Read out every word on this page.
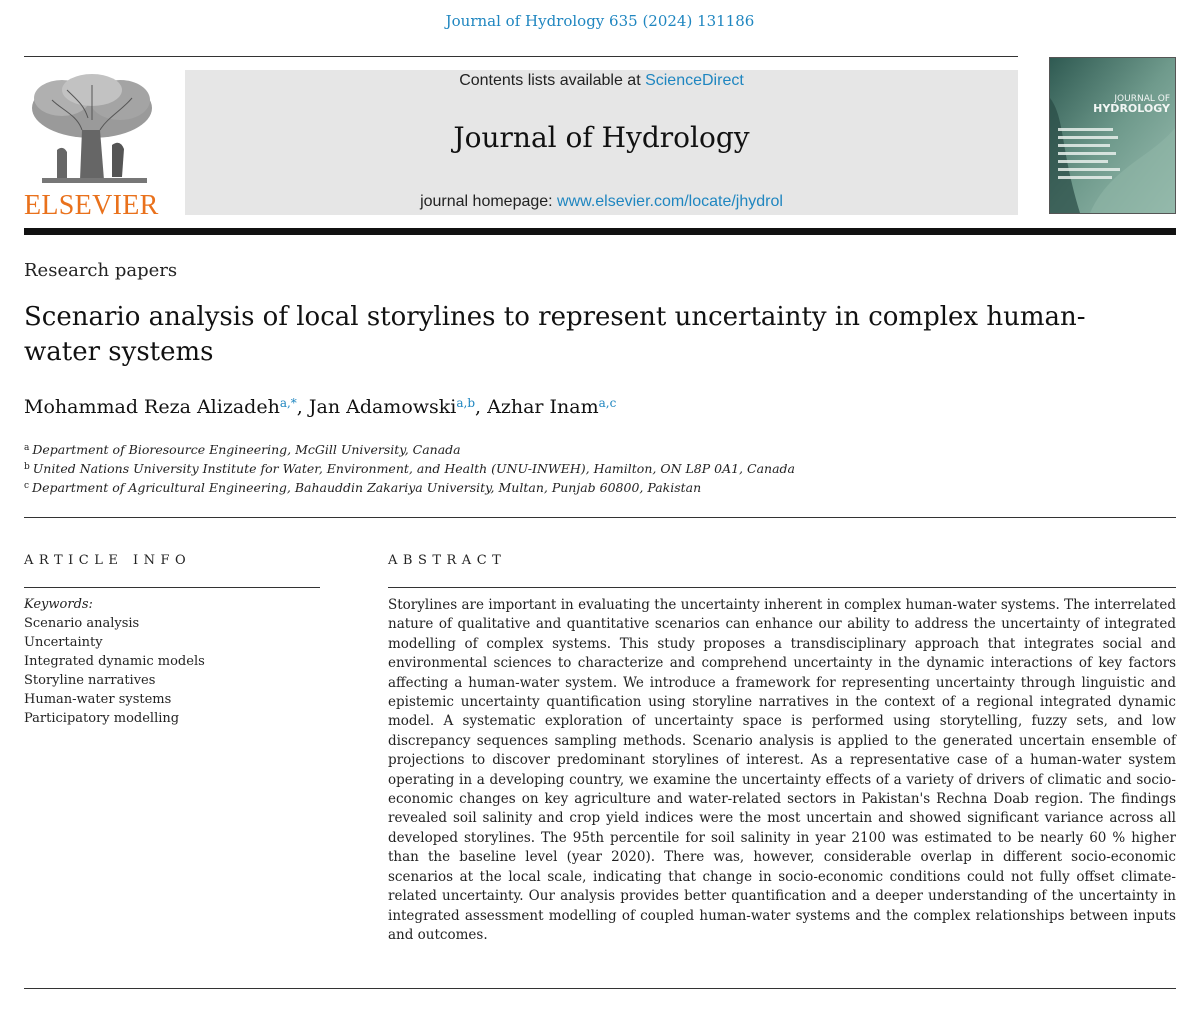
Journal of Hydrology 635 (2024) 131186
ELSEVIER
Contents lists available at ScienceDirect
Journal of Hydrology
journal homepage: www.elsevier.com/locate/jhydrol
JOURNAL OF
HYDROLOGY
Research papers
Scenario analysis of local storylines to represent uncertainty in complex human-water systems
Mohammad Reza Alizadeh$^{a,*}$, Jan Adamowski$^{a,b}$, Azhar Inam$^{a,c}$
$^a$ Department of Bioresource Engineering, McGill University, Canada
$^b$ United Nations University Institute for Water, Environment, and Health (UNU-INWEH), Hamilton, ON L8P 0A1, Canada
$^c$ Department of Agricultural Engineering, Bahauddin Zakariya University, Multan, Punjab 60800, Pakistan
ARTICLE INFO	ABSTRACT
Keywords:
Scenario analysis
Uncertainty
Integrated dynamic models
Storyline narratives
Human-water systems
Participatory modelling
Storylines are important in evaluating the uncertainty inherent in complex human-water systems. The interrelated nature of qualitative and quantitative scenarios can enhance our ability to address the uncertainty of integrated modelling of complex systems. This study proposes a transdisciplinary approach that integrates social and environmental sciences to characterize and comprehend uncertainty in the dynamic interactions of key factors affecting a human-water system. We introduce a framework for representing uncertainty through linguistic and epistemic uncertainty quantification using storyline narratives in the context of a regional integrated dynamic model. A systematic exploration of uncertainty space is performed using storytelling, fuzzy sets, and low discrepancy sequences sampling methods. Scenario analysis is applied to the generated uncertain ensemble of projections to discover predominant storylines of interest. As a representative case of a human-water system operating in a developing country, we examine the uncertainty effects of a variety of drivers of climatic and socio-economic changes on key agriculture and water-related sectors in Pakistan's Rechna Doab region. The findings revealed soil salinity and crop yield indices were the most uncertain and showed significant variance across all developed storylines. The 95th percentile for soil salinity in year 2100 was estimated to be nearly 60 % higher than the baseline level (year 2020). There was, however, considerable overlap in different socio-economic scenarios at the local scale, indicating that change in socio-economic conditions could not fully offset climate-related uncertainty. Our analysis provides better quantification and a deeper understanding of the uncertainty in integrated assessment modelling of coupled human-water systems and the complex relationships between inputs and outcomes.
